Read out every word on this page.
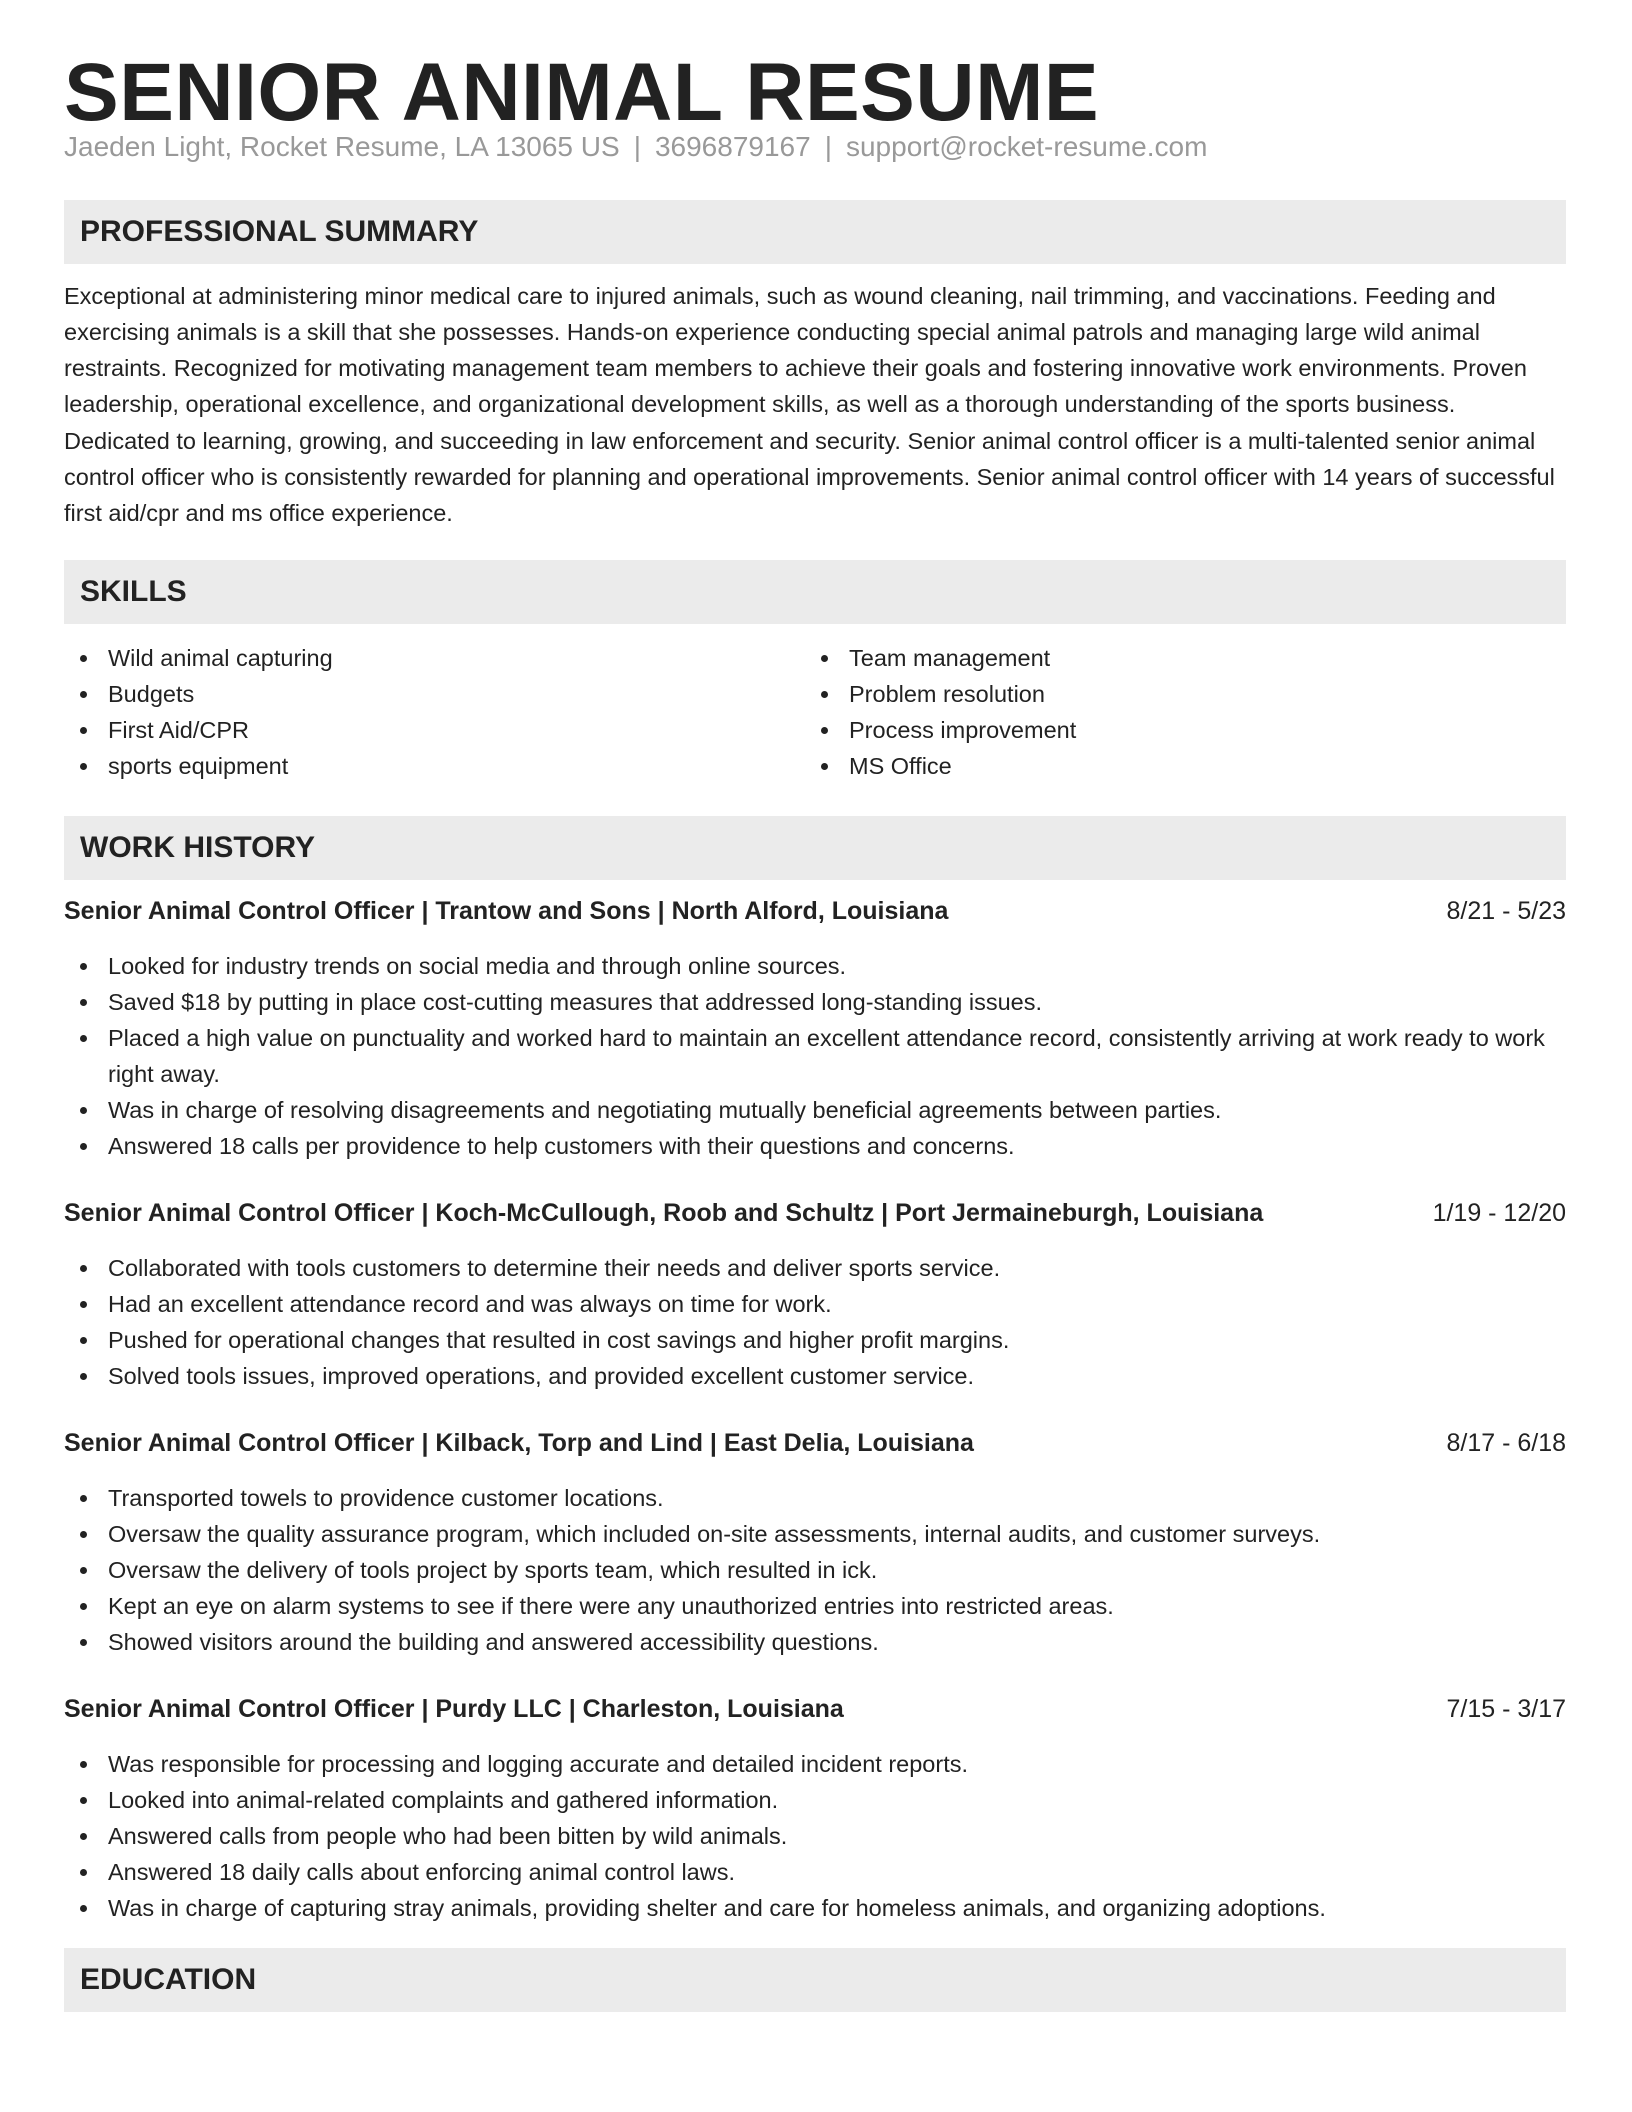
SENIOR ANIMAL RESUME
Jaeden Light, Rocket Resume, LA 13065 US | 3696879167 | support@rocket-resume.com
PROFESSIONAL SUMMARY

Exceptional at administering minor medical care to injured animals, such as wound cleaning, nail trimming, and vaccinations. Feeding and exercising animals is a skill that she possesses. Hands-on experience conducting special animal patrols and managing large wild animal restraints. Recognized for motivating management team members to achieve their goals and fostering innovative work environments. Proven leadership, operational excellence, and organizational development skills, as well as a thorough understanding of the sports business. Dedicated to learning, growing, and succeeding in law enforcement and security. Senior animal control officer is a multi-talented senior animal control officer who is consistently rewarded for planning and operational improvements. Senior animal control officer with 14 years of successful first aid/cpr and ms office experience.

SKILLS
Wild animal capturing
Budgets
First Aid/CPR
sports equipment
Team management
Problem resolution
Process improvement
MS Office
WORK HISTORY
Senior Animal Control Officer | Trantow and Sons | North Alford, Louisiana	8/21 - 5/23
Looked for industry trends on social media and through online sources.
Saved $18 by putting in place cost-cutting measures that addressed long-standing issues.
Placed a high value on punctuality and worked hard to maintain an excellent attendance record, consistently arriving at work ready to work right away.
Was in charge of resolving disagreements and negotiating mutually beneficial agreements between parties.
Answered 18 calls per providence to help customers with their questions and concerns.
Senior Animal Control Officer | Koch-McCullough, Roob and Schultz | Port Jermaineburgh, Louisiana	1/19 - 12/20
Collaborated with tools customers to determine their needs and deliver sports service.
Had an excellent attendance record and was always on time for work.
Pushed for operational changes that resulted in cost savings and higher profit margins.
Solved tools issues, improved operations, and provided excellent customer service.
Senior Animal Control Officer | Kilback, Torp and Lind | East Delia, Louisiana	8/17 - 6/18
Transported towels to providence customer locations.
Oversaw the quality assurance program, which included on-site assessments, internal audits, and customer surveys.
Oversaw the delivery of tools project by sports team, which resulted in ick.
Kept an eye on alarm systems to see if there were any unauthorized entries into restricted areas.
Showed visitors around the building and answered accessibility questions.
Senior Animal Control Officer | Purdy LLC | Charleston, Louisiana	7/15 - 3/17
Was responsible for processing and logging accurate and detailed incident reports.
Looked into animal-related complaints and gathered information.
Answered calls from people who had been bitten by wild animals.
Answered 18 daily calls about enforcing animal control laws.
Was in charge of capturing stray animals, providing shelter and care for homeless animals, and organizing adoptions.
EDUCATION
